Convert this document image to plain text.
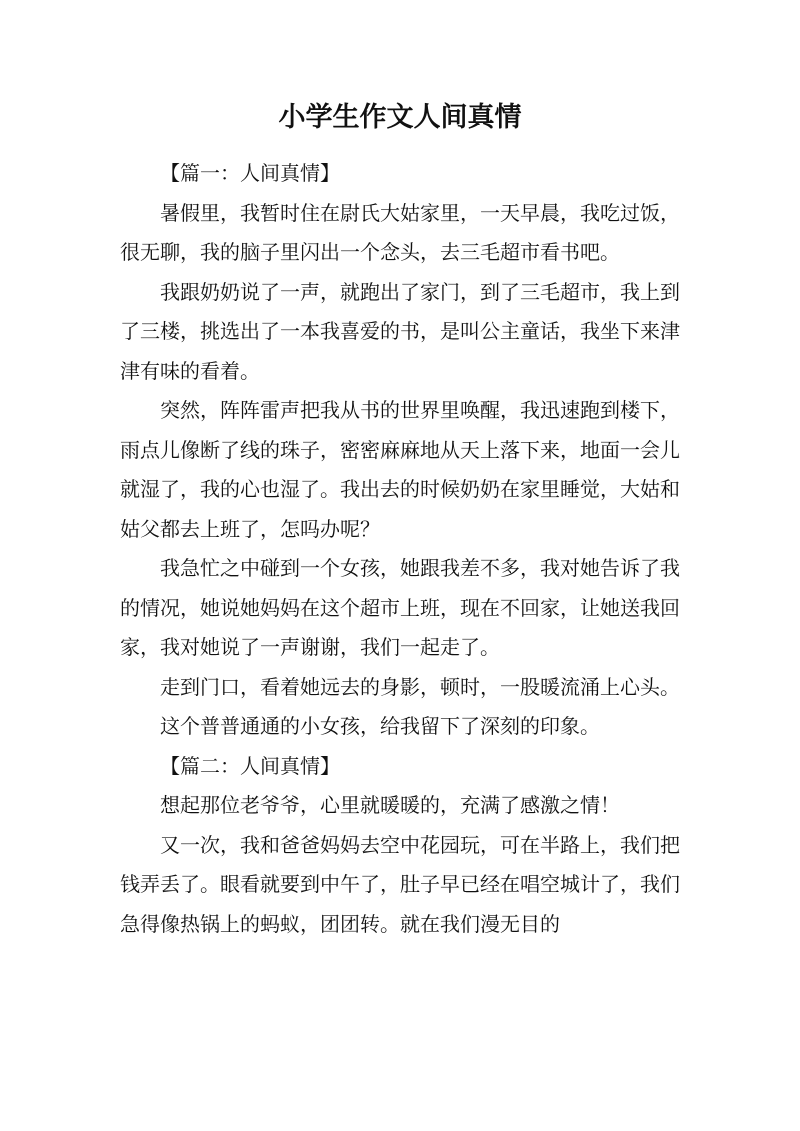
小学生作文人间真情

【篇一：人间真情】

暑假里，我暂时住在尉氏大姑家里，一天早晨，我吃过饭，很无聊，我的脑子里闪出一个念头，去三毛超市看书吧。

我跟奶奶说了一声，就跑出了家门，到了三毛超市，我上到了三楼，挑选出了一本我喜爱的书，是叫公主童话，我坐下来津津有味的看着。

突然，阵阵雷声把我从书的世界里唤醒，我迅速跑到楼下，雨点儿像断了线的珠子，密密麻麻地从天上落下来，地面一会儿就湿了，我的心也湿了。我出去的时候奶奶在家里睡觉，大姑和姑父都去上班了，怎吗办呢？

我急忙之中碰到一个女孩，她跟我差不多，我对她告诉了我的情况，她说她妈妈在这个超市上班，现在不回家，让她送我回家，我对她说了一声谢谢，我们一起走了。

走到门口，看着她远去的身影，顿时，一股暖流涌上心头。

这个普普通通的小女孩，给我留下了深刻的印象。

【篇二：人间真情】

想起那位老爷爷，心里就暖暖的，充满了感激之情！

又一次，我和爸爸妈妈去空中花园玩，可在半路上，我们把钱弄丢了。眼看就要到中午了，肚子早已经在唱空城计了，我们急得像热锅上的蚂蚁，团团转。就在我们漫无目的
